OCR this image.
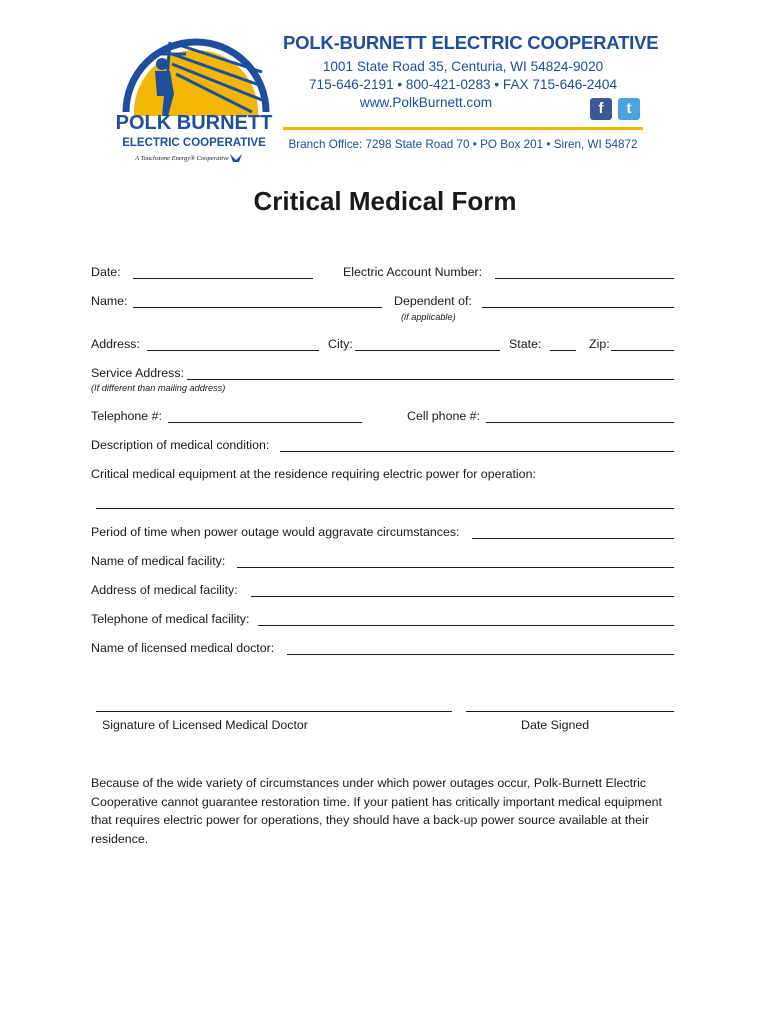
POLK BURNETT
ELECTRIC COOPERATIVE
A Touchstone Energy® Cooperative
POLK-BURNETT ELECTRIC COOPERATIVE
1001 State Road 35, Centuria, WI 54824-9020
715-646-2191 • 800-421-0283 • FAX 715-646-2404
www.PolkBurnett.com	f	t
Branch Office: 7298 State Road 70 • PO Box 201 • Siren, WI 54872
Critical Medical Form
Date:	Electric Account Number:
Name:	Dependent of:
(if applicable)
Address:	City:	State:	Zip:
Service Address:
(If different than mailing address)
Telephone #:	Cell phone #:
Description of medical condition:
Critical medical equipment at the residence requiring electric power for operation:
Period of time when power outage would aggravate circumstances:
Name of medical facility:
Address of medical facility:
Telephone of medical facility:
Name of licensed medical doctor:
Signature of Licensed Medical Doctor	Date Signed
Because of the wide variety of circumstances under which power outages occur, Polk-Burnett Electric Cooperative cannot guarantee restoration time. If your patient has critically important medical equipment that requires electric power for operations, they should have a back-up power source available at their residence.
